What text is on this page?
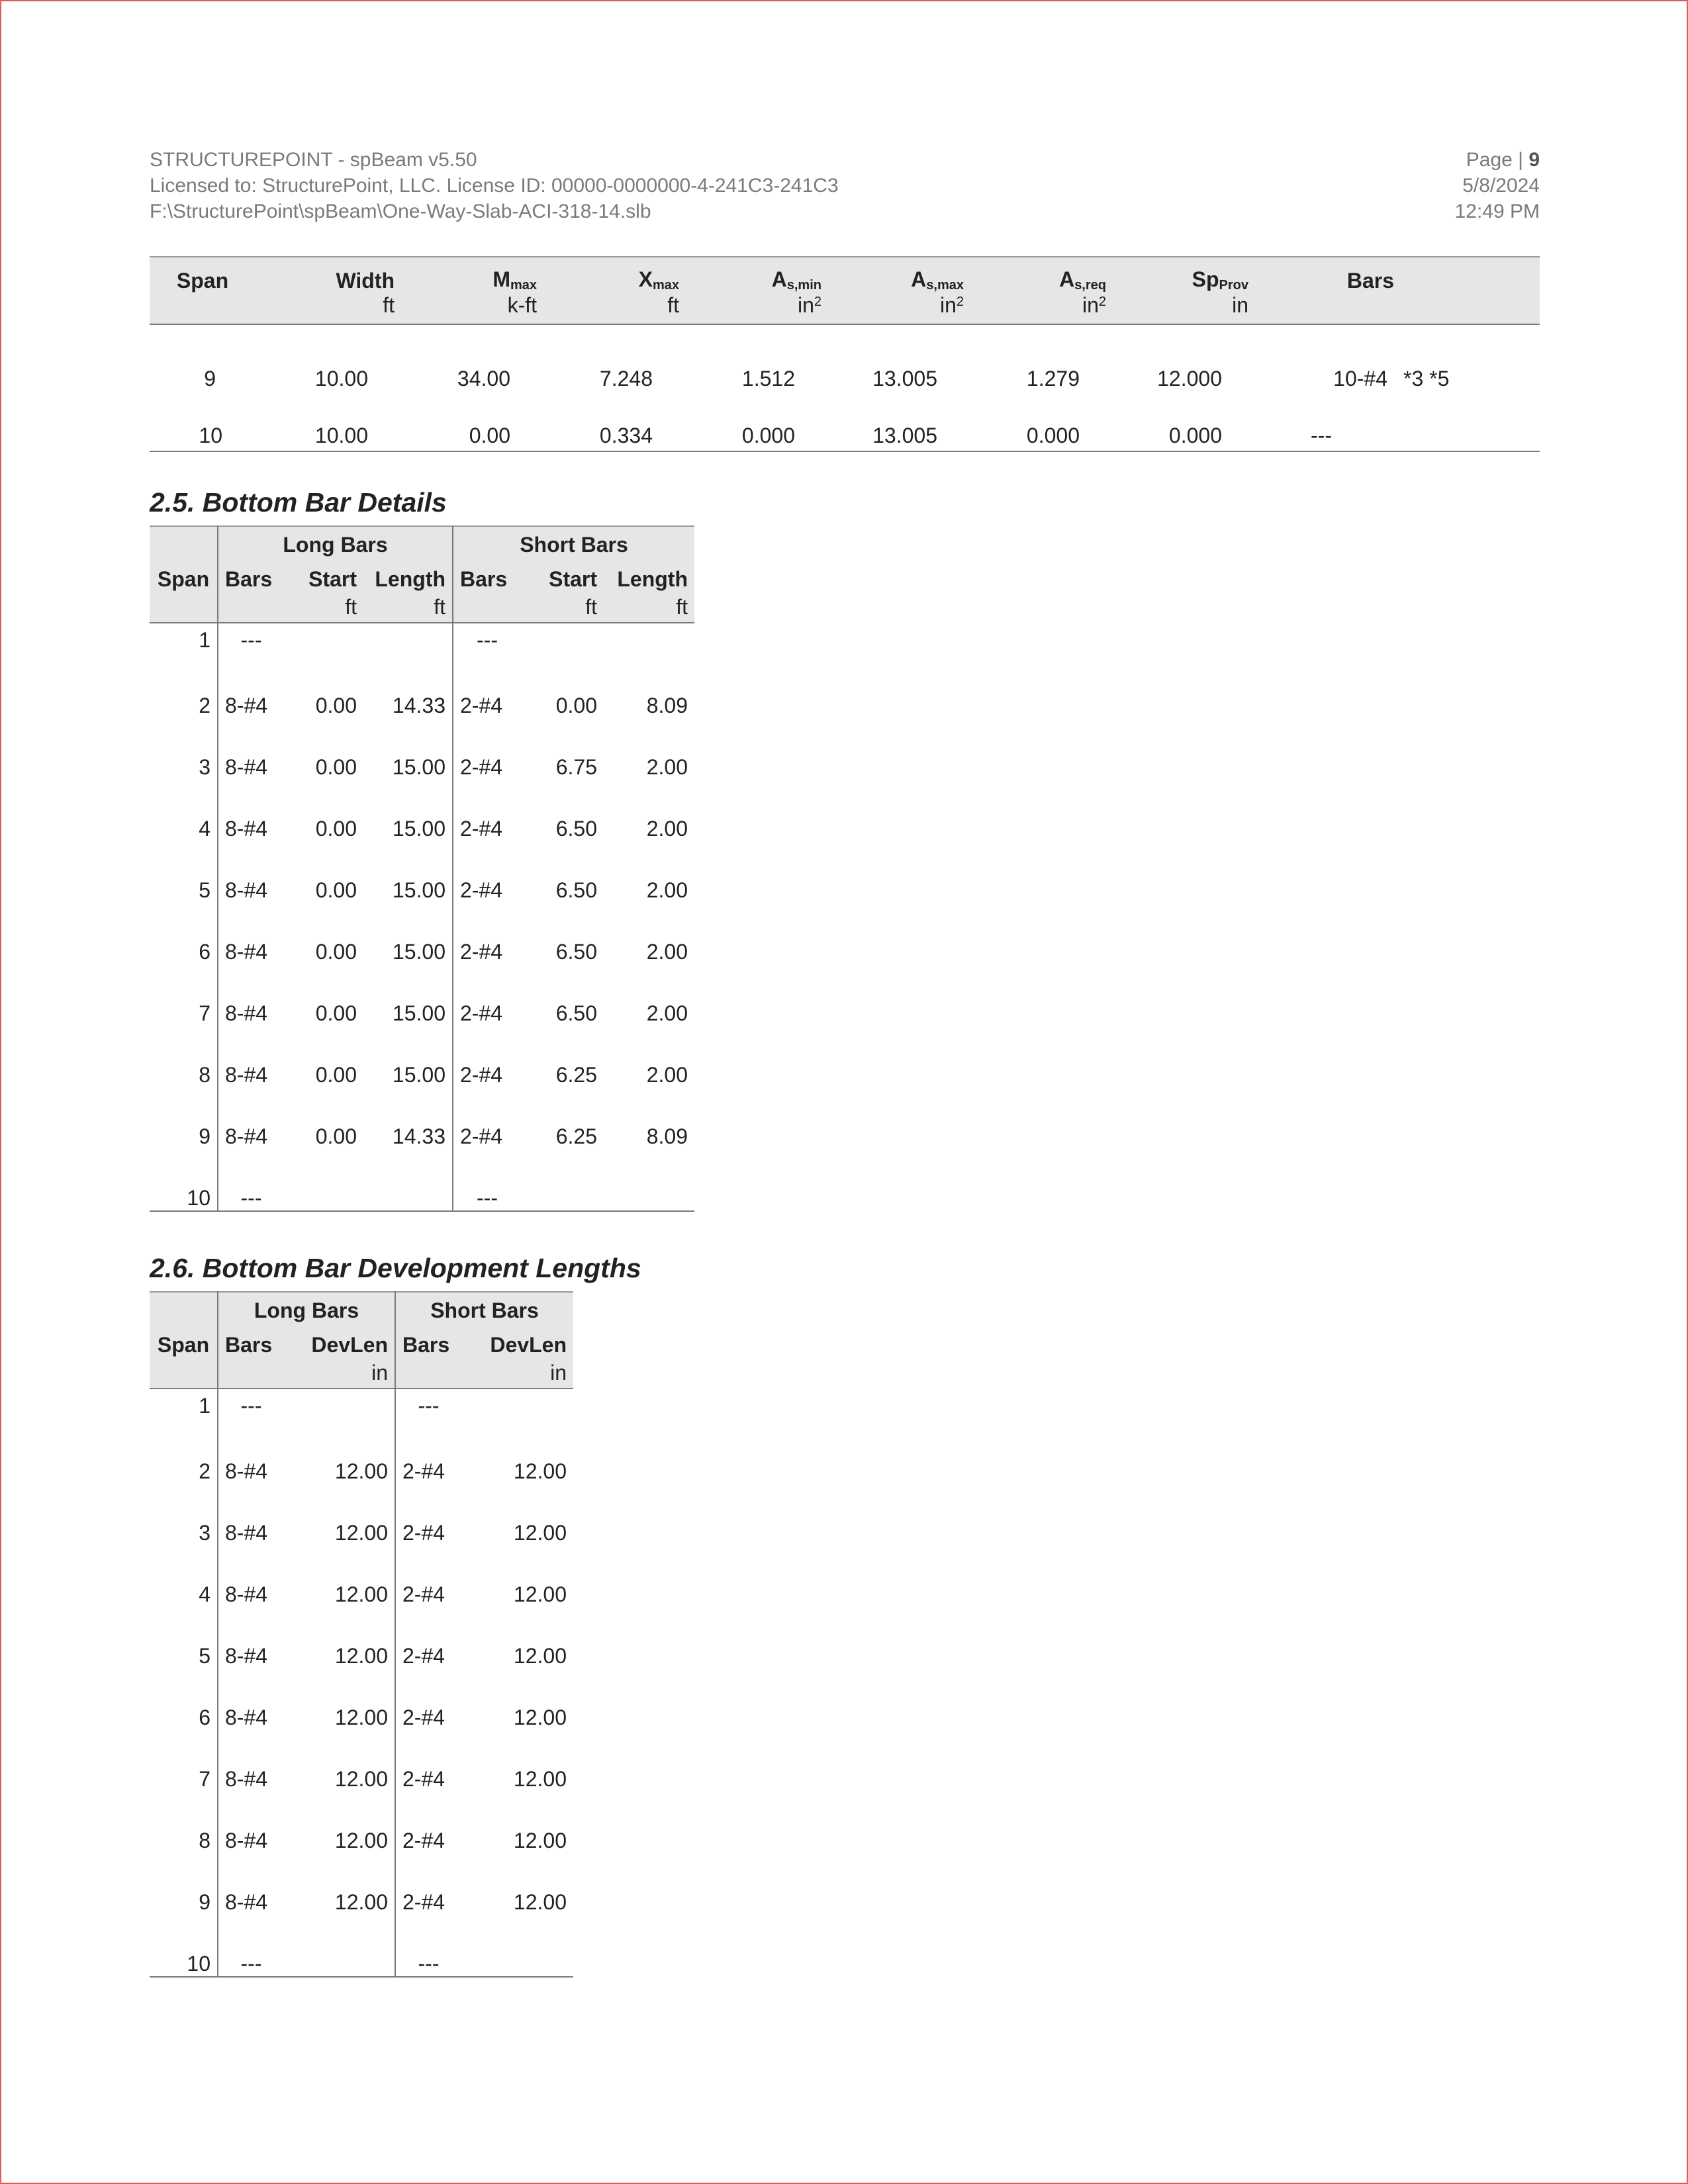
STRUCTUREPOINT - spBeam v5.50
Licensed to: StructurePoint, LLC. License ID: 00000-0000000-4-241C3-241C3
F:\StructurePoint\spBeam\One-Way-Slab-ACI-318-14.slb
Page | 9
5/8/2024
12:49 PM
Span	Width	$M_{max}$	$X_{max}$	$A_{s,min}$	$A_{s,max}$	$A_{s,req}$	$Sp_{Prov}$	Bars	
	ft	k-ft	ft	$in^2$	$in^2$	$in^2$	in		
9	10.00	34.00	7.248	1.512	13.005	1.279	12.000	10-#4	*3 *5
10	10.00	0.00	0.334	0.000	13.005	0.000	0.000	---	
2.5. Bottom Bar Details
	Long Bars			Short Bars		
Span	Bars	Start	Length	Bars	Start	Length
		ft	ft		ft	ft
1	---			---		
2	8-#4	0.00	14.33	2-#4	0.00	8.09
3	8-#4	0.00	15.00	2-#4	6.75	2.00
4	8-#4	0.00	15.00	2-#4	6.50	2.00
5	8-#4	0.00	15.00	2-#4	6.50	2.00
6	8-#4	0.00	15.00	2-#4	6.50	2.00
7	8-#4	0.00	15.00	2-#4	6.50	2.00
8	8-#4	0.00	15.00	2-#4	6.25	2.00
9	8-#4	0.00	14.33	2-#4	6.25	8.09
10	---			---		
2.6. Bottom Bar Development Lengths
	Long Bars		Short Bars	
Span	Bars	DevLen	Bars	DevLen
		in		in
1	---		---	
2	8-#4	12.00	2-#4	12.00
3	8-#4	12.00	2-#4	12.00
4	8-#4	12.00	2-#4	12.00
5	8-#4	12.00	2-#4	12.00
6	8-#4	12.00	2-#4	12.00
7	8-#4	12.00	2-#4	12.00
8	8-#4	12.00	2-#4	12.00
9	8-#4	12.00	2-#4	12.00
10	---		---	
